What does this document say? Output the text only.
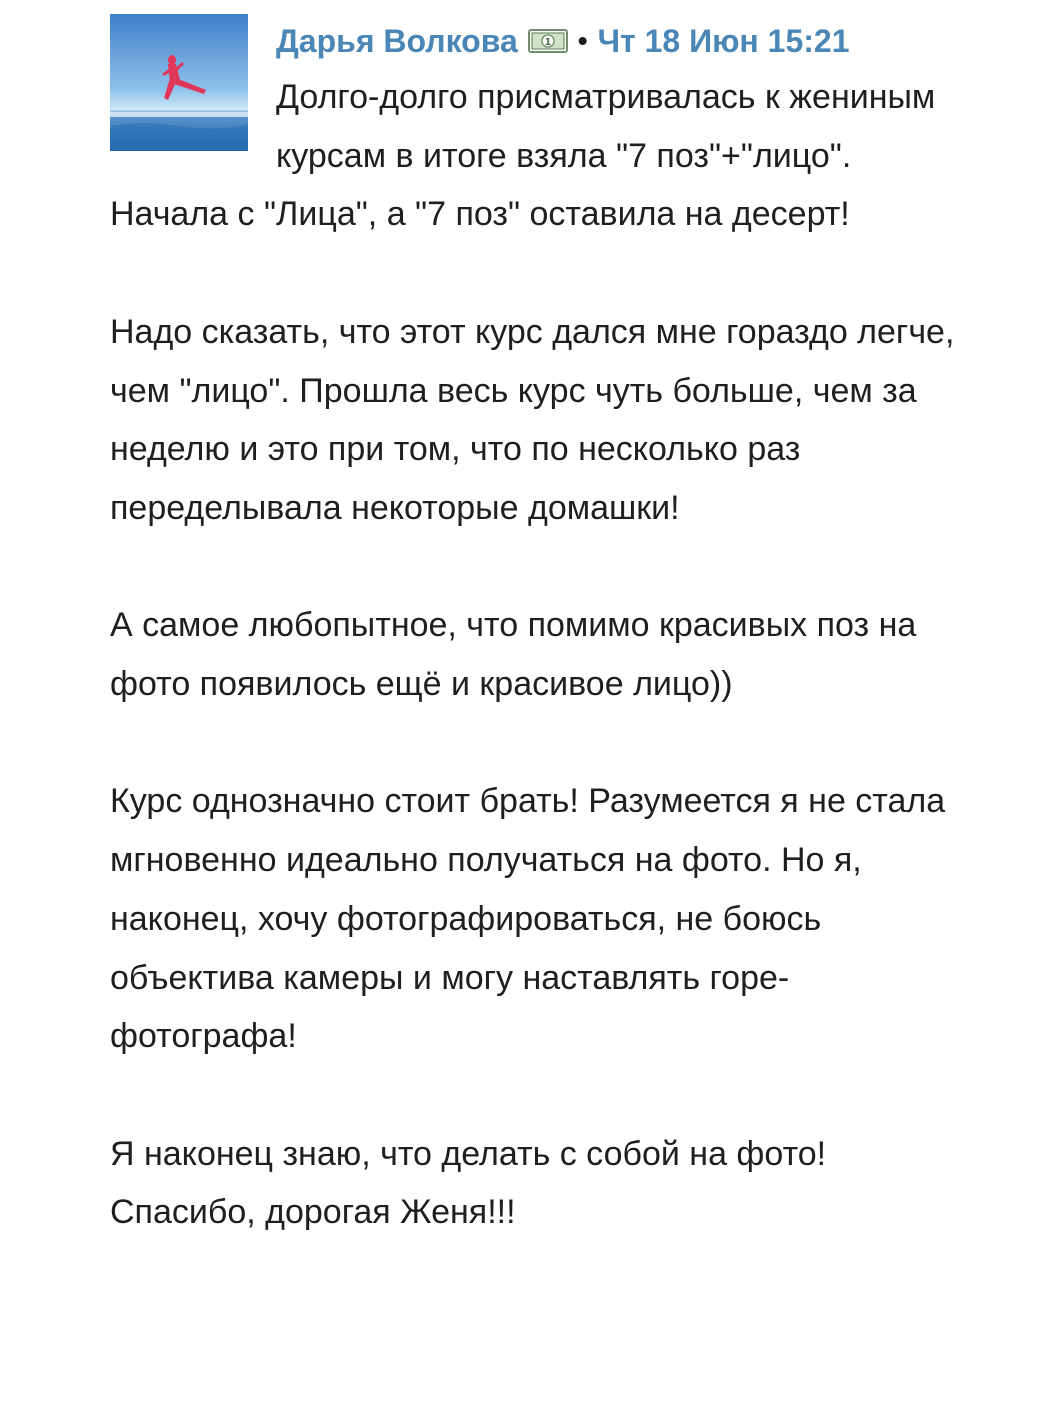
Дарья Волкова	1 • Чт 18 Июн 15:21

Долго-долго присматривалась к жениным курсам в итоге взяла "7 поз"+"лицо". Начала с "Лица", а "7 поз" оставила на десерт!

Надо сказать, что этот курс дался мне гораздо легче, чем "лицо". Прошла весь курс чуть больше, чем за неделю и это при том, что по несколько раз переделывала некоторые домашки!

А самое любопытное, что помимо красивых поз на фото появилось ещё и красивое лицо))

Курс однозначно стоит брать! Разумеется я не стала мгновенно идеально получаться на фото. Но я, наконец, хочу фотографироваться, не боюсь объектива камеры и могу наставлять горе-фотографа!

Я наконец знаю, что делать с собой на фото! Спасибо, дорогая Женя!!!
